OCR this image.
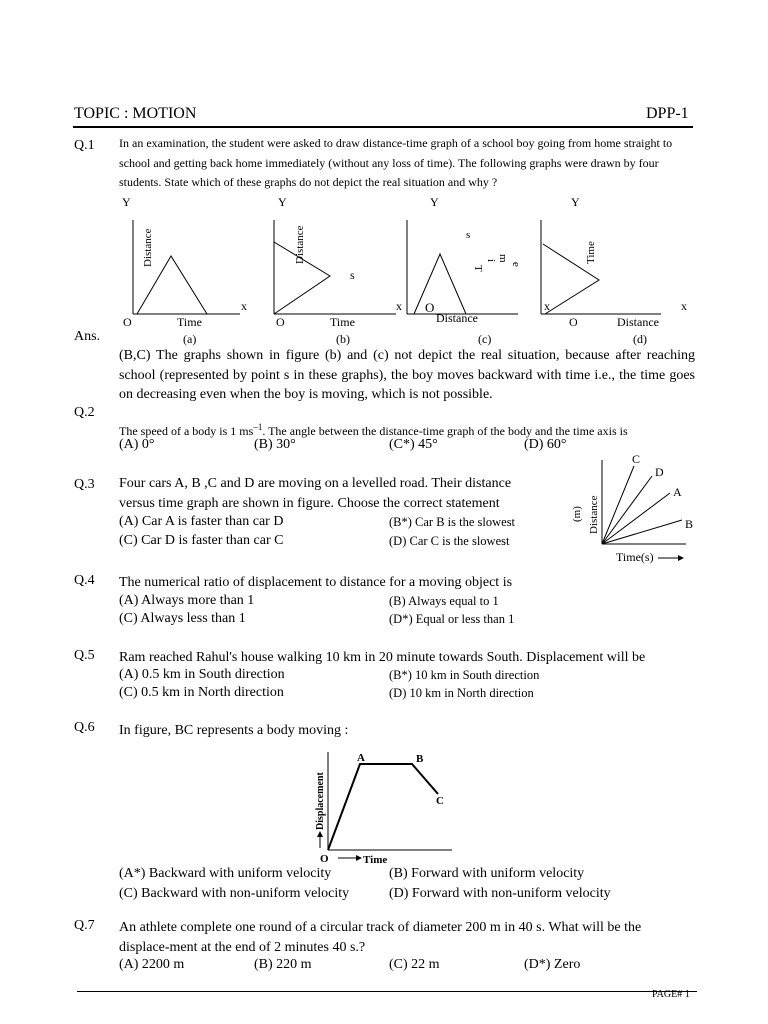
TOPIC : MOTION	DPP-1
Q.1 In an examination, the student were asked to draw distance-time graph of a school boy going from home straight to school and getting back home immediately (without any loss of time). The following graphs were drawn by four students. State which of these graphs do not depict the real situation and why ?
Y
Distance
x
O	Time
(a)
Y
Distance
s
O	Time
(b)
Y
s
T
i m
e
x O
Distance
(c)
Y
Time
x	x
O	Distance
(d)
Ans.
(B,C) The graphs shown in figure (b) and (c) not depict the real situation, because after reaching school (represented by point s in these graphs), the boy moves backward with time i.e., the time goes on decreasing even when the boy is moving, which is not possible.
Q.2
The speed of a body is 1 $ms^{-1}$. The angle between the distance-time graph of the body and the time axis is
(A) 0°	(B) 30°	(C*) 45°	(D) 60°
Q.3 Four cars A, B ,C and D are moving on a levelled road. Their distance versus time graph are shown in figure. Choose the correct statement
(A) Car A is faster than car D	(B*) Car B is the slowest
(C) Car D is faster than car C	(D) Car C is the slowest
C
D
A
B
Distance
(m)
Time(s)
Q.4 The numerical ratio of displacement to distance for a moving object is
(A) Always more than 1	(B) Always equal to 1
(C) Always less than 1	(D*) Equal or less than 1
Q.5 Ram reached Rahul's house walking 10 km in 20 minute towards South. Displacement will be
(A) 0.5 km in South direction	(B*) 10 km in South direction
(C) 0.5 km in North direction	(D) 10 km in North direction
Q.6 In figure, BC represents a body moving :
A	B
C
Displacement
O	Time
(A*) Backward with uniform velocity	(B) Forward with uniform velocity
(C) Backward with non-uniform velocity	(D) Forward with non-uniform velocity
Q.7 An athlete complete one round of a circular track of diameter 200 m in 40 s. What will be the displace-ment at the end of 2 minutes 40 s.?
(A) 2200 m	(B) 220 m	(C) 22 m	(D*) Zero
PAGE# 1
